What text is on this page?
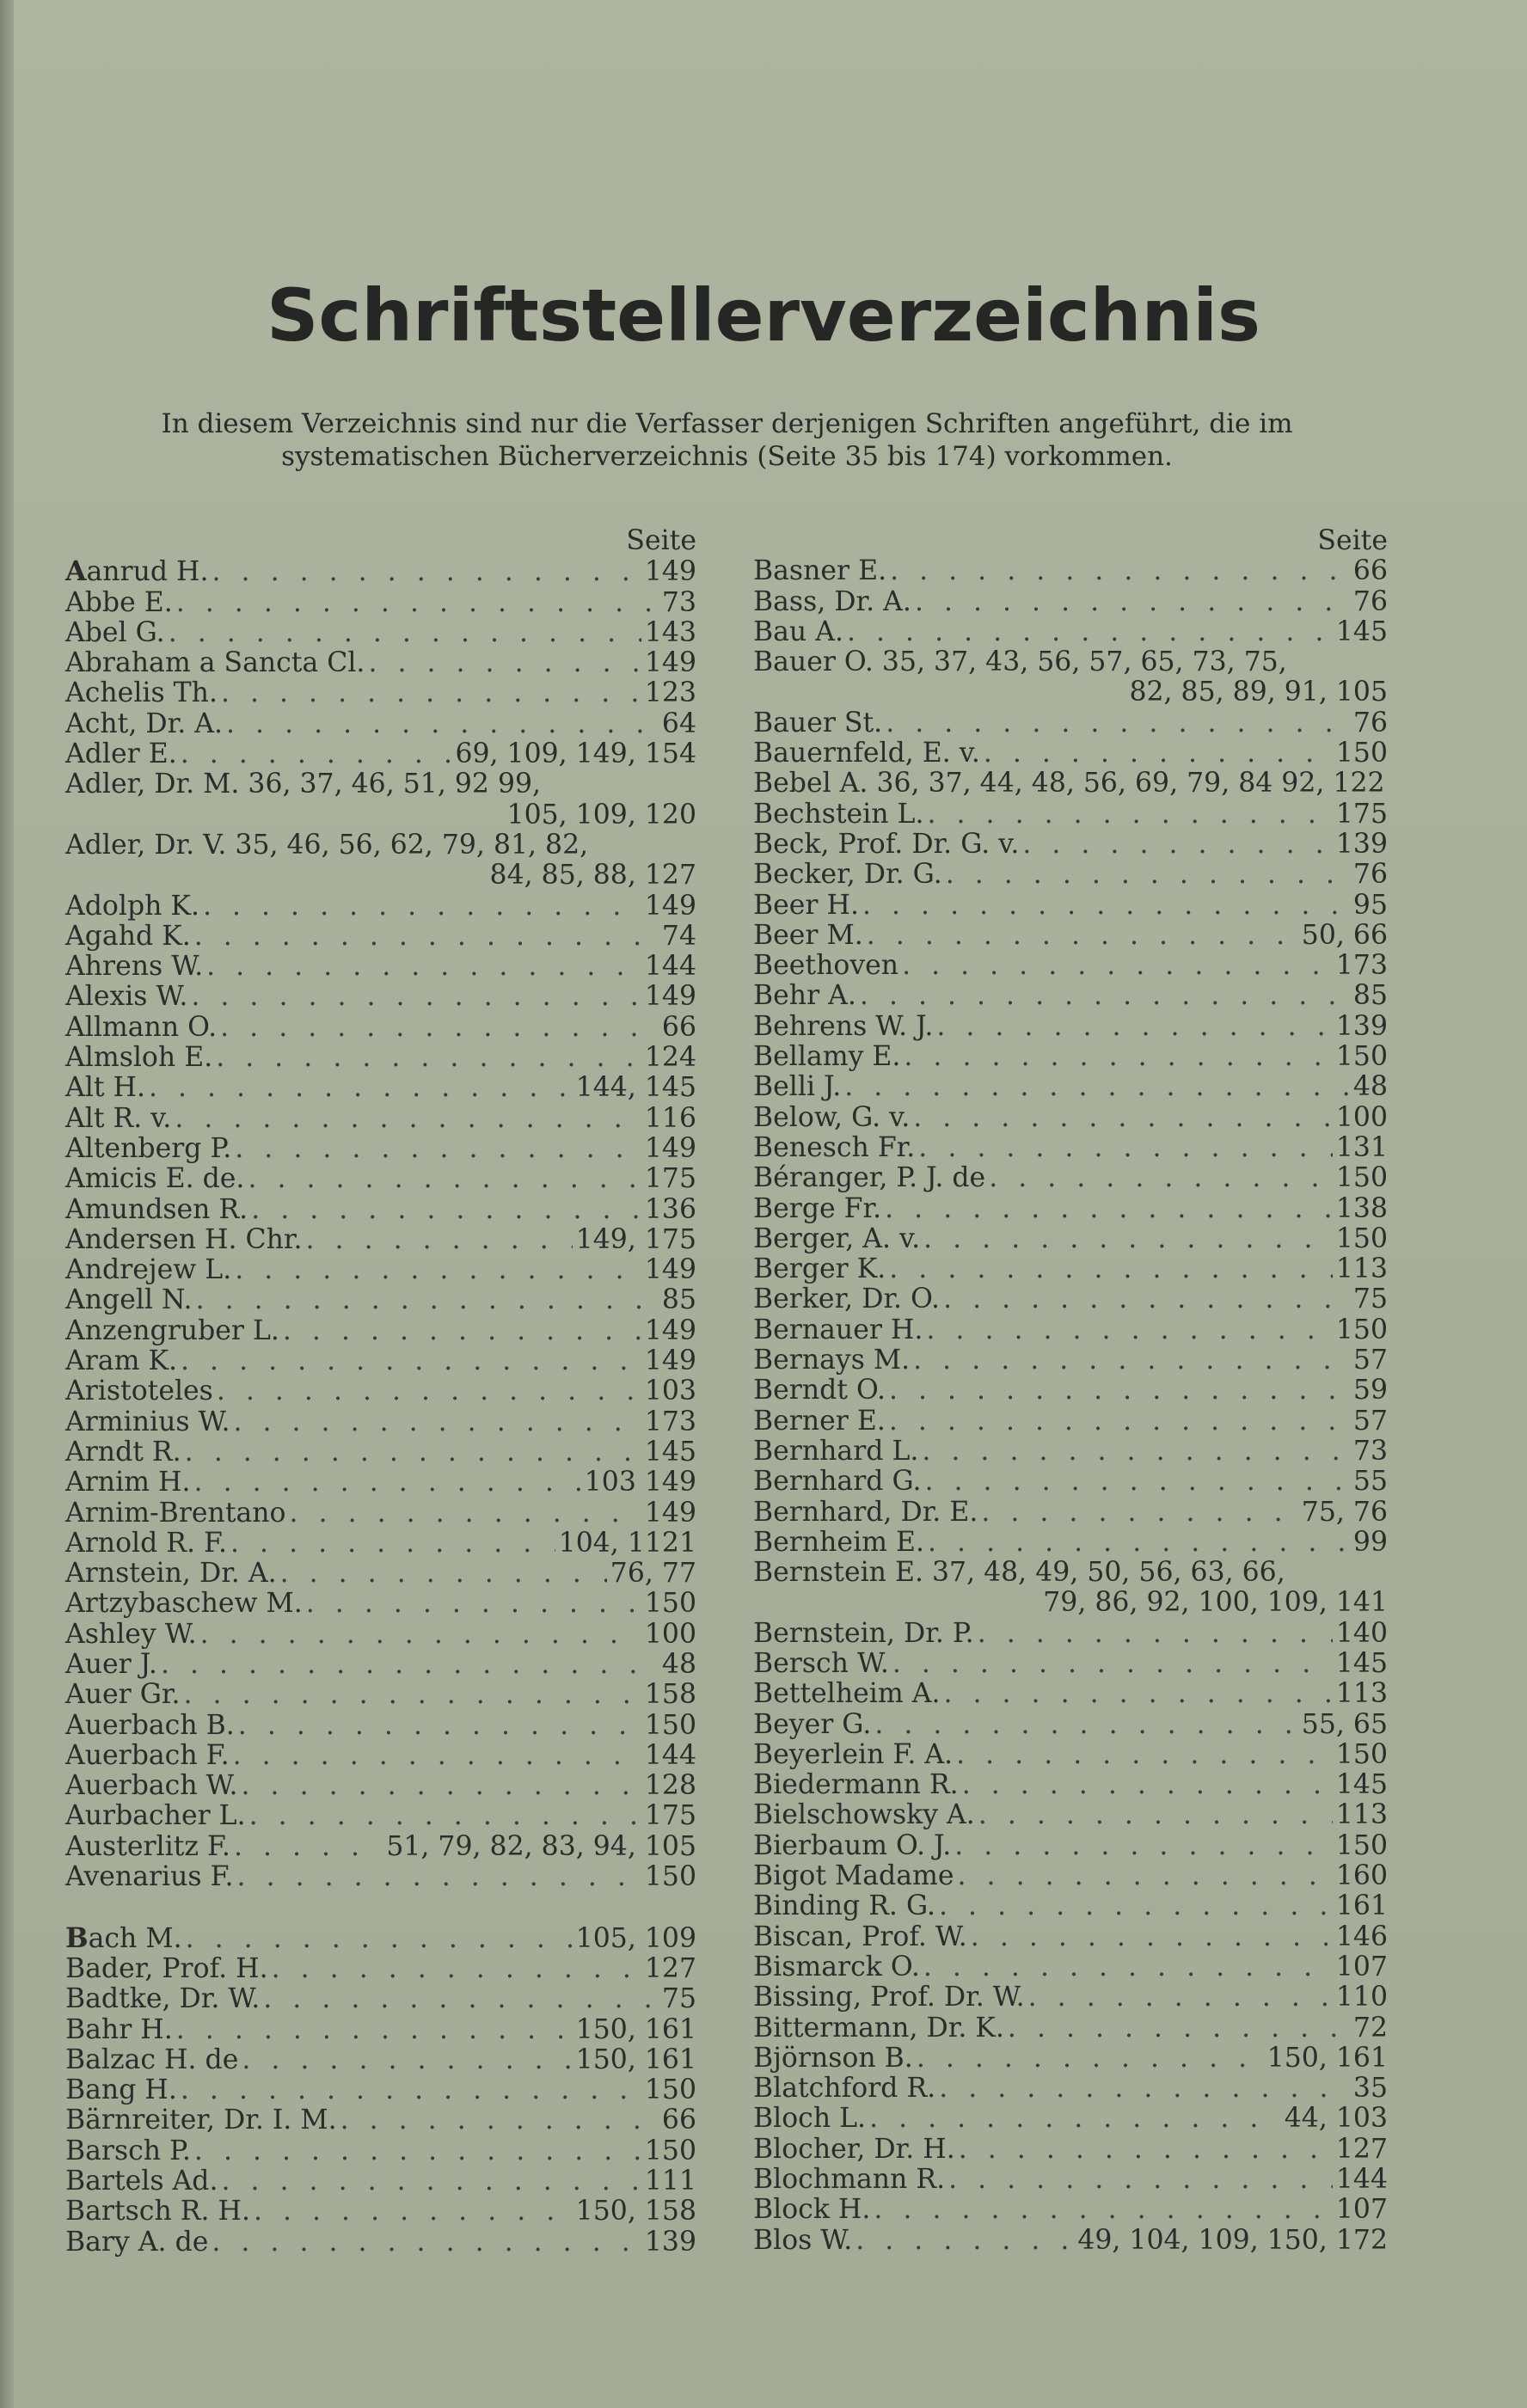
Schriftstellerverzeichnis
In diesem Verzeichnis sind nur die Verfasser derjenigen Schriften angeführt, die im systematischen Bücherverzeichnis (Seite 35 bis 174) vorkommen.
Seite
Aanrud H. . . .	149
Abbe E. . . .	73
Abel G. . . .	143
Abraham a Sancta Cl. . . .	149
Achelis Th. . . .	123
Acht, Dr. A. . . .	64
Adler E. . . .	69, 109, 149, 154
Adler, Dr. M. 36, 37, 46, 51, 92 99,
105, 109, 120
Adler, Dr. V. 35, 46, 56, 62, 79, 81, 82,
84, 85, 88, 127
Adolph K. . . .	149
Agahd K. . . .	74
Ahrens W. . . .	144
Alexis W. . . .	149
Allmann O. . . .	66
Almsloh E. . . .	124
Alt H. . . .	144, 145
Alt R. v. . . .	116
Altenberg P. . . .	149
Amicis E. de. . . .	175
Amundsen R. . . .	136
Andersen H. Chr. . . .	149, 175
Andrejew L. . . .	149
Angell N. . . .	85
Anzengruber L. . . .	149
Aram K. . . .	149
Aristoteles . . .	103
Arminius W. . . .	173
Arndt R. . . .	145
Arnim H. . . .	103 149
Arnim-Brentano . . .	149
Arnold R. F. . . .	104, 1121
Arnstein, Dr. A. . . .	76, 77
Artzybaschew M. . . .	150
Ashley W. . . .	100
Auer J. . . .	48
Auer Gr. . . .	158
Auerbach B. . . .	150
Auerbach F. . . .	144
Auerbach W. . . .	128
Aurbacher L. . . .	175
Austerlitz F. . . .	51, 79, 82, 83, 94, 105
Avenarius F. . . .	150
Bach M. . . .	105, 109
Bader, Prof. H. . . .	127
Badtke, Dr. W. . . .	75
Bahr H. . . .	150, 161
Balzac H. de . . .	150, 161
Bang H. . . .	150
Bärnreiter, Dr. I. M. . . .	66
Barsch P. . . .	150
Bartels Ad. . . .	111
Bartsch R. H. . . .	150, 158
Bary A. de . . .	139
Seite
Basner E. . . .	66
Bass, Dr. A. . . .	76
Bau A. . . .	145
Bauer O. 35, 37, 43, 56, 57, 65, 73, 75,
82, 85, 89, 91, 105
Bauer St. . . .	76
Bauernfeld, E. v. . . .	150
Bebel A. 36, 37, 44, 48, 56, 69, 79, 84 92, 122
Bechstein L. . . .	175
Beck, Prof. Dr. G. v. . . .	139
Becker, Dr. G. . . .	76
Beer H. . . .	95
Beer M. . . .	50, 66
Beethoven . . .	173
Behr A. . . .	85
Behrens W. J. . . .	139
Bellamy E. . . .	150
Belli J. . . .	48
Below, G. v. . . .	100
Benesch Fr. . . .	131
Béranger, P. J. de . . .	150
Berge Fr. . . .	138
Berger, A. v. . . .	150
Berger K. . . .	113
Berker, Dr. O. . . .	75
Bernauer H. . . .	150
Bernays M. . . .	57
Berndt O. . . .	59
Berner E. . . .	57
Bernhard L. . . .	73
Bernhard G. . . .	55
Bernhard, Dr. E. . . .	75, 76
Bernheim E. . . .	99
Bernstein E. 37, 48, 49, 50, 56, 63, 66,
79, 86, 92, 100, 109, 141
Bernstein, Dr. P. . . .	140
Bersch W. . . .	145
Bettelheim A. . . .	113
Beyer G. . . .	55, 65
Beyerlein F. A. . . .	150
Biedermann R. . . .	145
Bielschowsky A. . . .	113
Bierbaum O. J. . . .	150
Bigot Madame . . .	160
Binding R. G. . . .	161
Biscan, Prof. W. . . .	146
Bismarck O. . . .	107
Bissing, Prof. Dr. W. . . .	110
Bittermann, Dr. K. . . .	72
Björnson B. . . .	150, 161
Blatchford R. . . .	35
Bloch L. . . .	44, 103
Blocher, Dr. H. . . .	127
Blochmann R. . . .	144
Block H. . . .	107
Blos W. . . .	49, 104, 109, 150, 172
